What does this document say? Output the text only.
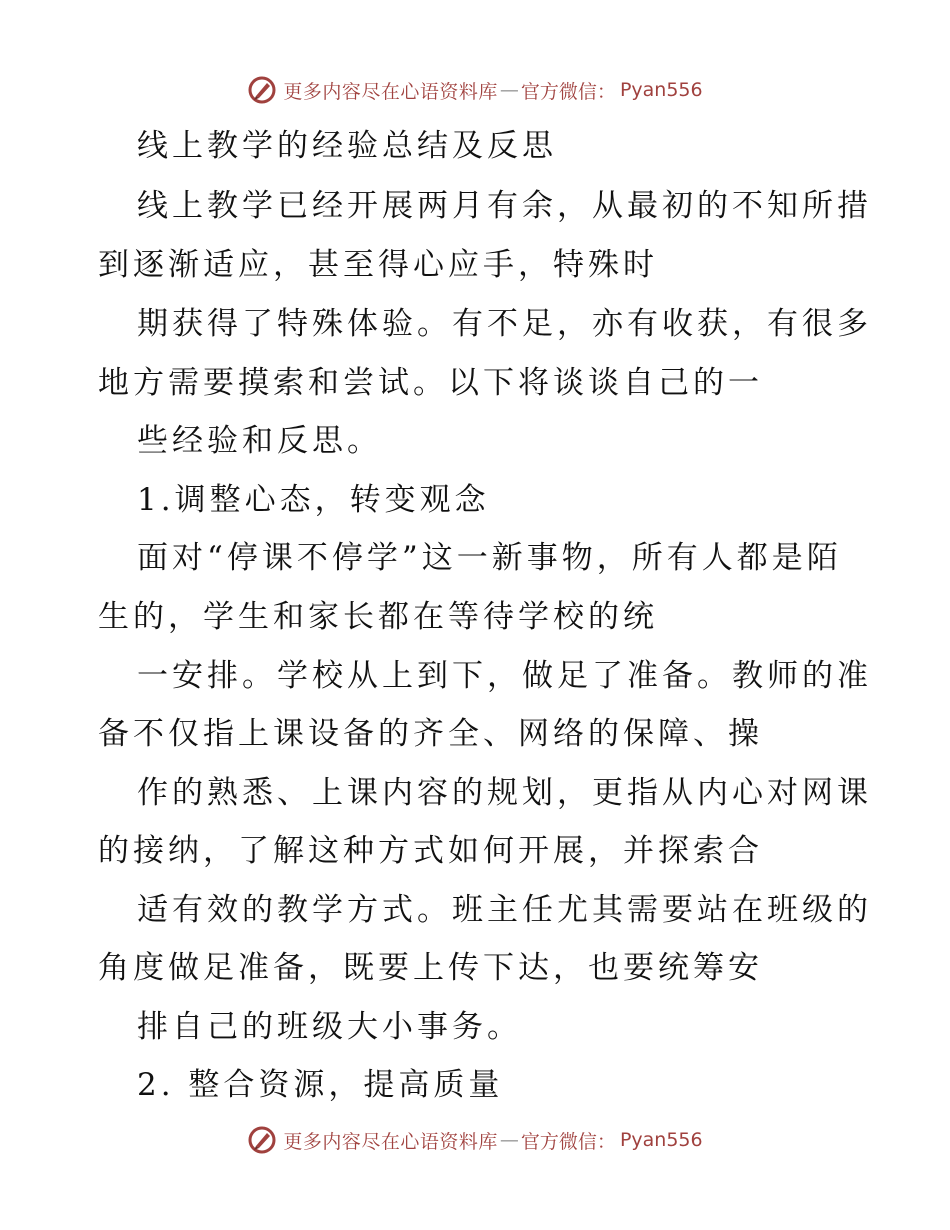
更多内容尽在心语资料库 — 官方微信： Pyan556

线上教学的经验总结及反思

线上教学已经开展两月有余，从最初的不知所措

到逐渐适应，甚至得心应手，特殊时

期获得了特殊体验。有不足，亦有收获，有很多

地方需要摸索和尝试。以下将谈谈自己的一

些经验和反思。

1.调整心态，转变观念

面对“停课不停学”这一新事物，所有人都是陌

生的，学生和家长都在等待学校的统

一安排。学校从上到下，做足了准备。教师的准

备不仅指上课设备的齐全、网络的保障、操

作的熟悉、上课内容的规划，更指从内心对网课

的接纳，了解这种方式如何开展，并探索合

适有效的教学方式。班主任尤其需要站在班级的

角度做足准备，既要上传下达，也要统筹安

排自己的班级大小事务。

2. 整合资源，提高质量

更多内容尽在心语资料库 — 官方微信： Pyan556
